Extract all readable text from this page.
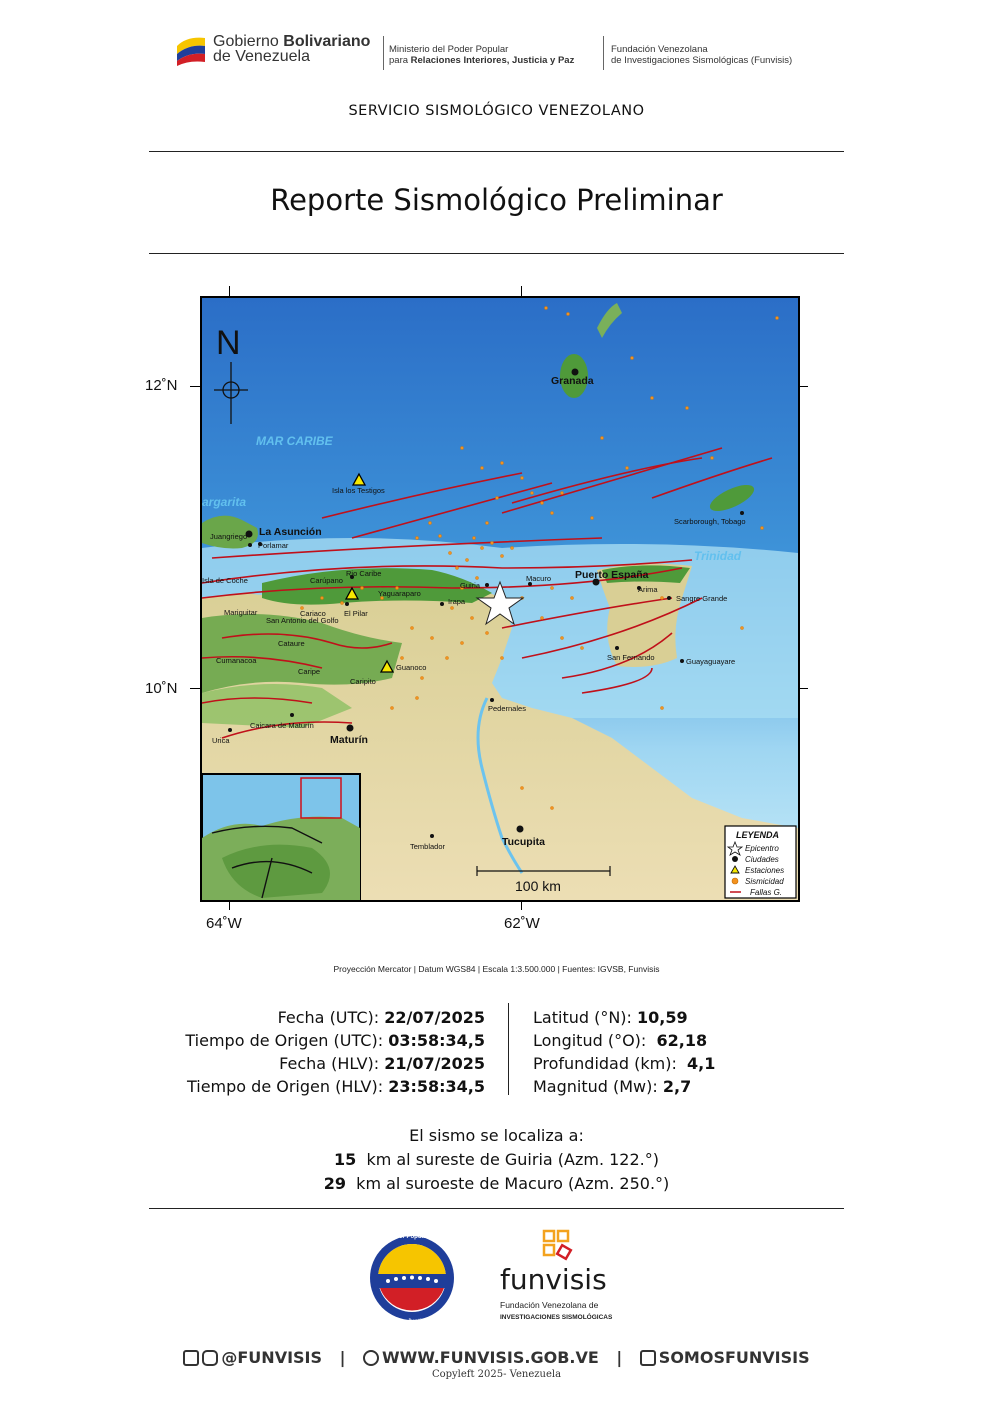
Gobierno Bolivariano
de Venezuela	Ministerio del Poder Popular
para Relaciones Interiores, Justicia y Paz
Fundación Venezolana
de Investigaciones Sismológicas (Funvisis)
SERVICIO SISMOLÓGICO VENEZOLANO
Reporte Sismológico Preliminar
12˚N
10˚N
64˚W	62˚W
N
MAR CARIBE
argarita
Trinidad
Granada
La Asunción
Puerto España
Maturín
Tucupita
Isla los Testigos
Scarborough, Tobago
Juangriego
Porlamar
Isla de Coche
Rio Caribe
Carúpano
Yaguaraparo
Guiria
Macuro
Arima
Sangre Grande
Irapa
El Pilar
Mariguitar	Cariaco
San Antonio del Golfo
Cumanacoa
Caripe
Caripito
Guanoco
San Fernando	Guayaguayare
Pedernales
Caicara de Maturín
Urica
Temblador
Cataure
100 km
LEYENDA
Epicentro
Ciudades
Estaciones
Sismicidad
Fallas G.
Proyección Mercator | Datum WGS84 | Escala 1:3.500.000 | Fuentes: IGVSB, Funvisis
Fecha (UTC): 22/07/2025
Tiempo de Origen (UTC): 03:58:34,5
Fecha (HLV): 21/07/2025
Tiempo de Origen (HLV): 23:58:34,5
Latitud (°N): 10,59
Longitud (°O):  62,18
Profundidad (km):  4,1
Magnitud (Mw): 2,7
El sismo se localiza a:
15  km al sureste de Guiria (Azm. 122.°)
29  km al suroeste de Macuro (Azm. 250.°)
Ministerio del Poder Popular para Relaciones
Interiores, Justicia y Paz
funvisis
Fundación Venezolana de
INVESTIGACIONES SISMOLÓGICAS
@FUNVISIS | WWW.FUNVISIS.GOB.VE | SOMOSFUNVISIS
Copyleft 2025- Venezuela
